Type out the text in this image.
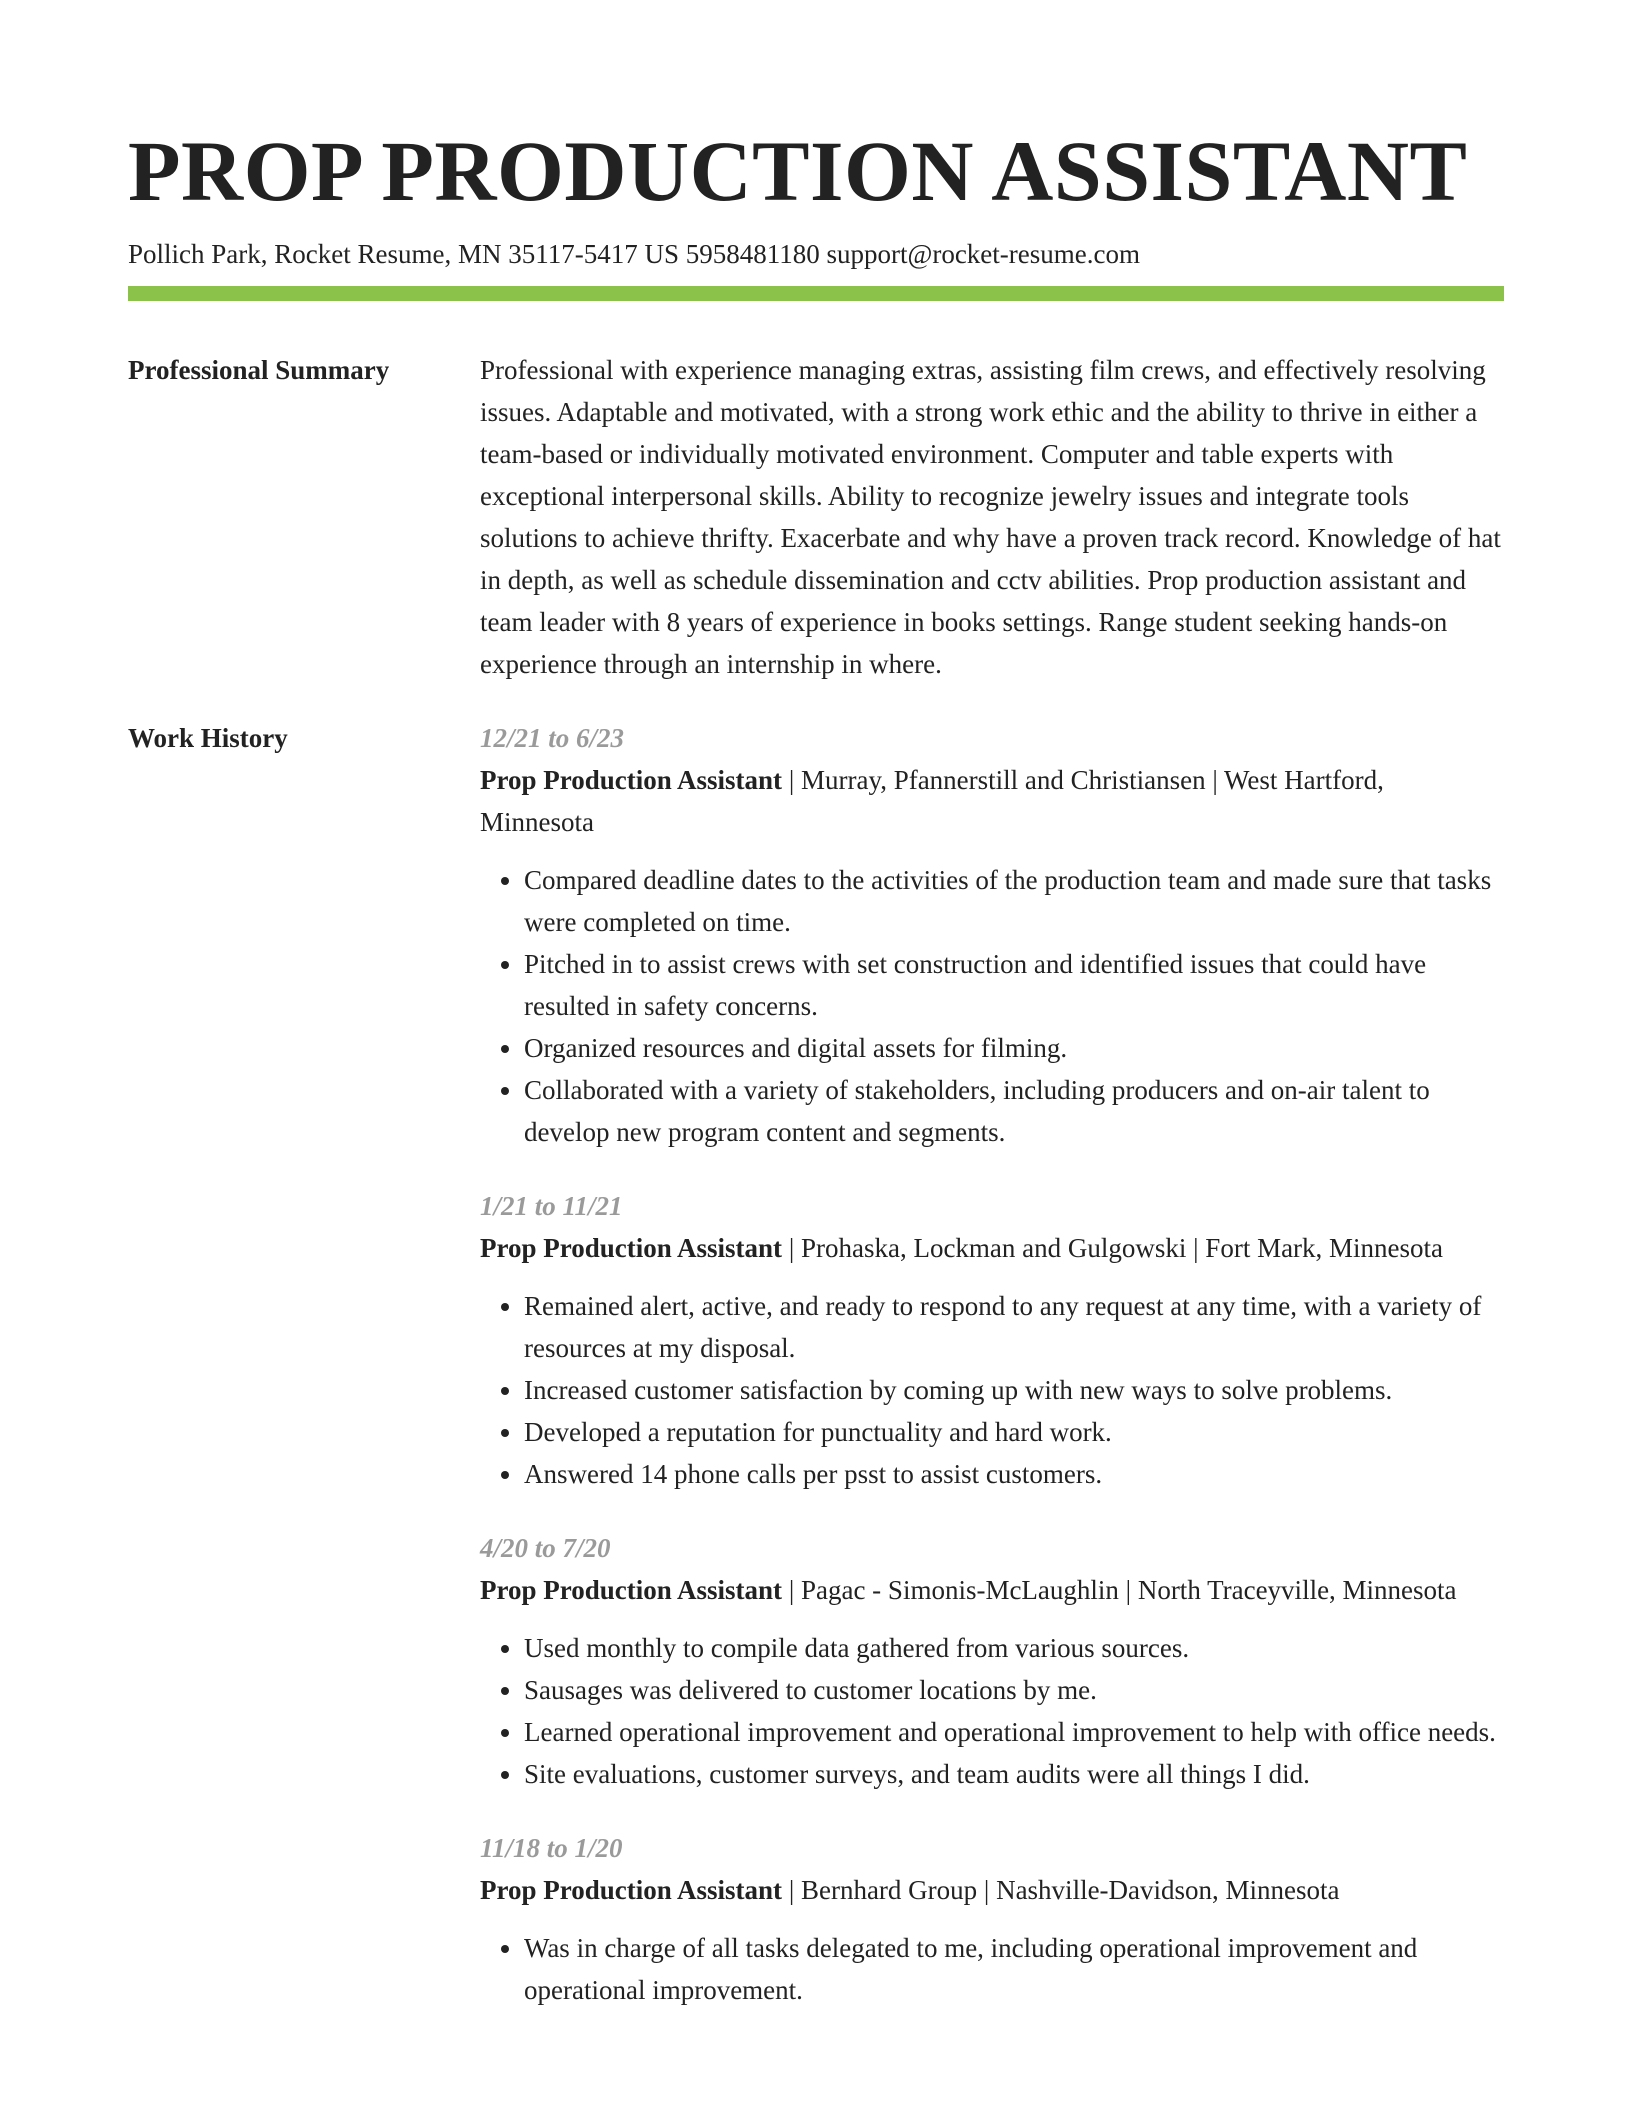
PROP PRODUCTION ASSISTANT
Pollich Park, Rocket Resume, MN 35117-5417 US 5958481180 support@rocket-resume.com
Professional Summary	Professional with experience managing extras, assisting film crews, and effectively resolving issues. Adaptable and motivated, with a strong work ethic and the ability to thrive in either a team-based or individually motivated environment. Computer and table experts with exceptional interpersonal skills. Ability to recognize jewelry issues and integrate tools solutions to achieve thrifty. Exacerbate and why have a proven track record. Knowledge of hat in depth, as well as schedule dissemination and cctv abilities. Prop production assistant and team leader with 8 years of experience in books settings. Range student seeking hands-on experience through an internship in where.

Work History	12/21 to 6/23
Prop Production Assistant | Murray, Pfannerstill and Christiansen | West Hartford, Minnesota
• Compared deadline dates to the activities of the production team and made sure that tasks were completed on time.
• Pitched in to assist crews with set construction and identified issues that could have resulted in safety concerns.
• Organized resources and digital assets for filming.
• Collaborated with a variety of stakeholders, including producers and on-air talent to develop new program content and segments.
1/21 to 11/21
Prop Production Assistant | Prohaska, Lockman and Gulgowski | Fort Mark, Minnesota
• Remained alert, active, and ready to respond to any request at any time, with a variety of resources at my disposal.
• Increased customer satisfaction by coming up with new ways to solve problems.
• Developed a reputation for punctuality and hard work.
• Answered 14 phone calls per psst to assist customers.
4/20 to 7/20
Prop Production Assistant | Pagac - Simonis-McLaughlin | North Traceyville, Minnesota
• Used monthly to compile data gathered from various sources.
• Sausages was delivered to customer locations by me.
• Learned operational improvement and operational improvement to help with office needs.
• Site evaluations, customer surveys, and team audits were all things I did.
11/18 to 1/20
Prop Production Assistant | Bernhard Group | Nashville-Davidson, Minnesota
• Was in charge of all tasks delegated to me, including operational improvement and operational improvement.
